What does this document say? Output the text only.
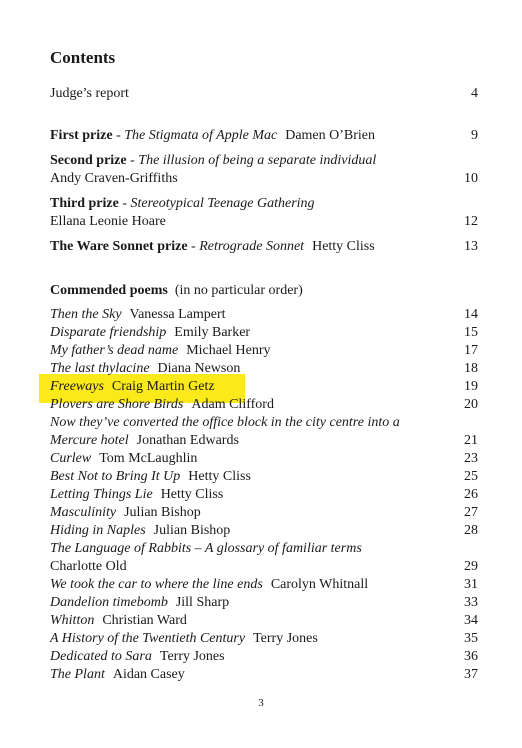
Contents
Judge’s report	4
First prize - The Stigmata of Apple Mac Damen O’Brien	9
Second prize - The illusion of being a separate individual
Andy Craven-Griffiths	10
Third prize - Stereotypical Teenage Gathering
Ellana Leonie Hoare	12
The Ware Sonnet prize - Retrograde Sonnet Hetty Cliss	13
Commended poems (in no particular order)
Then the Sky Vanessa Lampert	14
Disparate friendship Emily Barker	15
My father’s dead name Michael Henry	17
The last thylacine Diana Newson	18
Freeways Craig Martin Getz	19
Plovers are Shore Birds Adam Clifford	20
Now they’ve converted the office block in the city centre into a
Mercure hotel Jonathan Edwards	21
Curlew Tom McLaughlin	23
Best Not to Bring It Up Hetty Cliss	25
Letting Things Lie Hetty Cliss	26
Masculinity Julian Bishop	27
Hiding in Naples Julian Bishop	28
The Language of Rabbits – A glossary of familiar terms
Charlotte Old	29
We took the car to where the line ends Carolyn Whitnall	31
Dandelion timebomb Jill Sharp	33
Whitton Christian Ward	34
A History of the Twentieth Century Terry Jones	35
Dedicated to Sara Terry Jones	36
The Plant Aidan Casey	37
3
